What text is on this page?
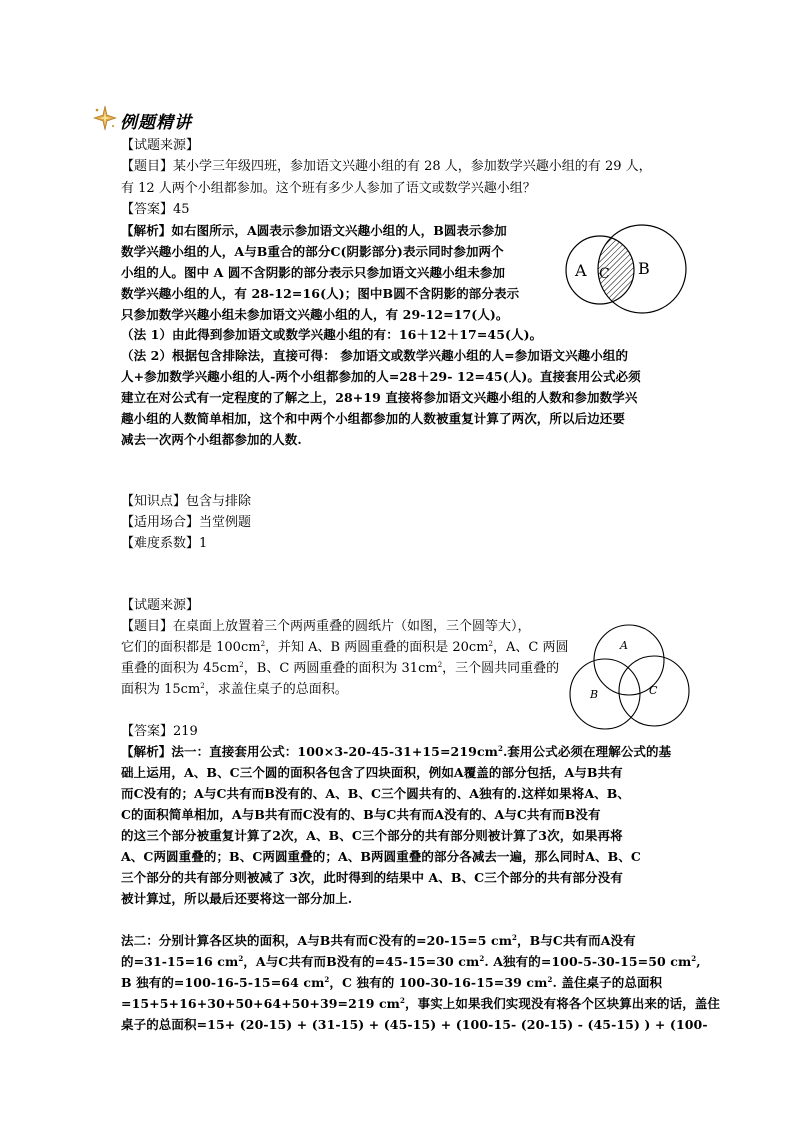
例题精讲
【试题来源】
【题目】某小学三年级四班，参加语文兴趣小组的有 28 人，参加数学兴趣小组的有 29 人，
有 12 人两个小组都参加。这个班有多少人参加了语文或数学兴趣小组？
【答案】45
【解析】如右图所示，A圆表示参加语文兴趣小组的人，B圆表示参加
数学兴趣小组的人，A与B重合的部分C(阴影部分)表示同时参加两个
小组的人。图中 A 圆不含阴影的部分表示只参加语文兴趣小组未参加
数学兴趣小组的人，有 28-12=16(人)；图中B圆不含阴影的部分表示
只参加数学兴趣小组未参加语文兴趣小组的人，有 29-12=17(人)。
（法 1）由此得到参加语文或数学兴趣小组的有：16＋12＋17=45(人)。
（法 2）根据包含排除法，直接可得： 参加语文或数学兴趣小组的人=参加语文兴趣小组的
人+参加数学兴趣小组的人-两个小组都参加的人=28＋29- 12=45(人)。直接套用公式必须
建立在对公式有一定程度的了解之上，28+19 直接将参加语文兴趣小组的人数和参加数学兴
趣小组的人数简单相加，这个和中两个小组都参加的人数被重复计算了两次，所以后边还要
减去一次两个小组都参加的人数.
A C B
【知识点】包含与排除
【适用场合】当堂例题
【难度系数】1
【试题来源】
【题目】在桌面上放置着三个两两重叠的圆纸片（如图，三个圆等大），
它们的面积都是 $100cm^2$，并知 A、B 两圆重叠的面积是 $20cm^2$，A、C 两圆
重叠的面积为 $45cm^2$，B、C 两圆重叠的面积为 $31cm^2$，三个圆共同重叠的
面积为 $15cm^2$，求盖住桌子的总面积。
A
B	C
【答案】219
【解析】法一：直接套用公式：$100\times 3-20-45-31+15=219cm^2$.套用公式必须在理解公式的基
础上运用，A、B、C三个圆的面积各包含了四块面积，例如A覆盖的部分包括，A与B共有
而C没有的；A与C共有而B没有的、A、B、C三个圆共有的、A独有的.这样如果将A、B、
C的面积简单相加，A与B共有而C没有的、B与C共有而A没有的、A与C共有而B没有
的这三个部分被重复计算了2次，A、B、C三个部分的共有部分则被计算了3次，如果再将
A、C两圆重叠的；B、C两圆重叠的；A、B两圆重叠的部分各减去一遍，那么同时A、B、C
三个部分的共有部分则被减了 3次，此时得到的结果中 A、B、C三个部分的共有部分没有
被计算过，所以最后还要将这一部分加上.
法二：分别计算各区块的面积，A与B共有而C没有的=20-15=5 $cm^2$，B与C共有而A没有
的=31-15=16 $cm^2$，A与C共有而B没有的=45-15=30 $cm^2$. A独有的=100-5-30-15=50 $cm^2$,
B 独有的=100-16-5-15=64 $cm^2$，C 独有的 100-30-16-15=39 $cm^2$. 盖住桌子的总面积
=15+5+16+30+50+64+50+39=219 $cm^2$，事实上如果我们实现没有将各个区块算出来的话，盖住
桌子的总面积=15+ (20-15) + (31-15) + (45-15) + (100-15- (20-15) - (45-15) ) + (100-
